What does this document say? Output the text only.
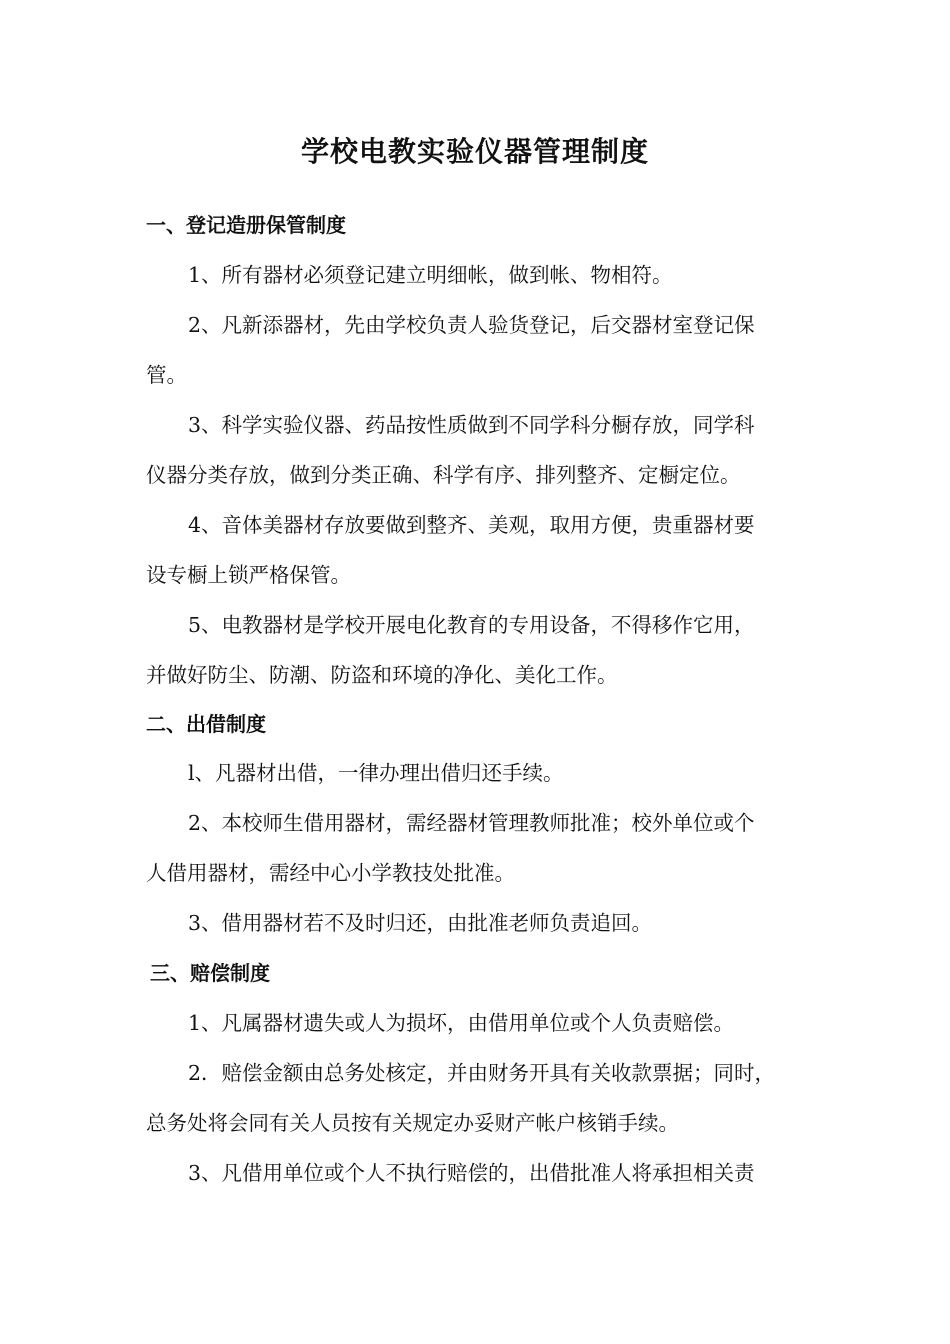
学校电教实验仪器管理制度
一、登记造册保管制度
1、所有器材必须登记建立明细帐，做到帐、物相符。
2、凡新添器材，先由学校负责人验货登记，后交器材室登记保
管。
3、科学实验仪器、药品按性质做到不同学科分橱存放，同学科
仪器分类存放，做到分类正确、科学有序、排列整齐、定橱定位。
4、音体美器材存放要做到整齐、美观，取用方便，贵重器材要
设专橱上锁严格保管。
5、电教器材是学校开展电化教育的专用设备，不得移作它用，
并做好防尘、防潮、防盗和环境的净化、美化工作。
二、出借制度
l、凡器材出借，一律办理出借归还手续。
2、本校师生借用器材，需经器材管理教师批准；校外单位或个
人借用器材，需经中心小学教技处批准。
3、借用器材若不及时归还，由批准老师负责追回。
三、赔偿制度
1、凡属器材遗失或人为损坏，由借用单位或个人负责赔偿。
2．赔偿金额由总务处核定，并由财务开具有关收款票据；同时，
总务处将会同有关人员按有关规定办妥财产帐户核销手续。
3、凡借用单位或个人不执行赔偿的，出借批准人将承担相关责
